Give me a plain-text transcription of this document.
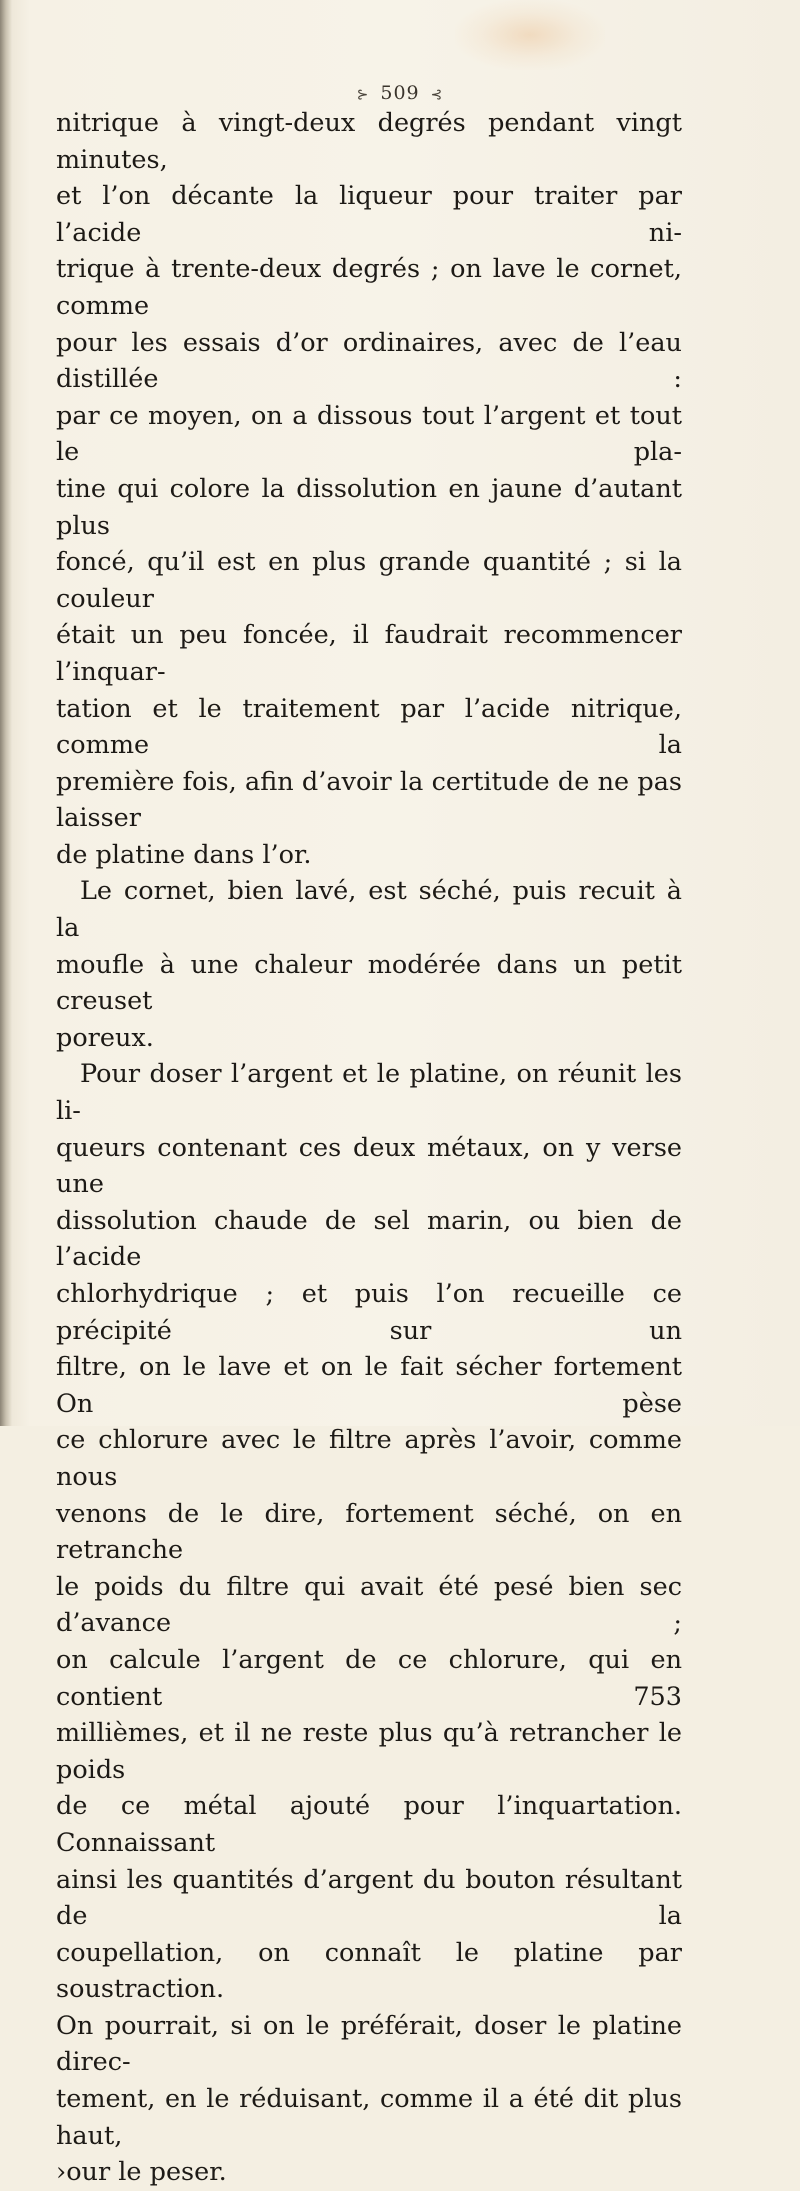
⊱ 509 ⊰

nitrique à vingt-deux degrés pendant vingt minutes,

et l’on décante la liqueur pour traiter par l’acide ni-

trique à trente-deux degrés ; on lave le cornet, comme

pour les essais d’or ordinaires, avec de l’eau distillée :

par ce moyen, on a dissous tout l’argent et tout le pla-

tine qui colore la dissolution en jaune d’autant plus

foncé, qu’il est en plus grande quantité ; si la couleur

était un peu foncée, il faudrait recommencer l’inquar-

tation et le traitement par l’acide nitrique, comme la

première fois, afin d’avoir la certitude de ne pas laisser

de platine dans l’or.

Le cornet, bien lavé, est séché, puis recuit à la

moufle à une chaleur modérée dans un petit creuset

poreux.

Pour doser l’argent et le platine, on réunit les li-

queurs contenant ces deux métaux, on y verse une

dissolution chaude de sel marin, ou bien de l’acide

chlorhydrique ; et puis l’on recueille ce précipité sur un

filtre, on le lave et on le fait sécher fortement On pèse

ce chlorure avec le filtre après l’avoir, comme nous

venons de le dire, fortement séché, on en retranche

le poids du filtre qui avait été pesé bien sec d’avance ;

on calcule l’argent de ce chlorure, qui en contient 753

millièmes, et il ne reste plus qu’à retrancher le poids

de ce métal ajouté pour l’inquartation. Connaissant

ainsi les quantités d’argent du bouton résultant de la

coupellation, on connaît le platine par soustraction.

On pourrait, si on le préférait, doser le platine direc-

tement, en le réduisant, comme il a été dit plus haut,

›our le peser.
